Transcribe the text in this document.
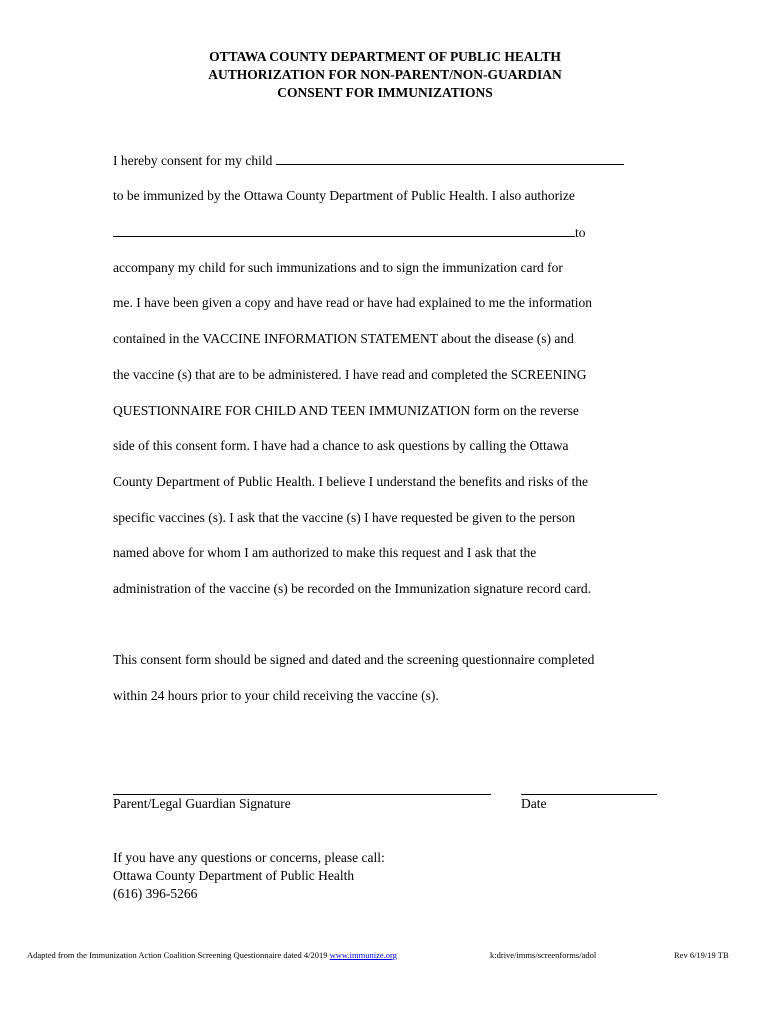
OTTAWA COUNTY DEPARTMENT OF PUBLIC HEALTH
AUTHORIZATION FOR NON-PARENT/NON-GUARDIAN
CONSENT FOR IMMUNIZATIONS
I hereby consent for my child
to be immunized by the Ottawa County Department of Public Health. I also authorize
to
accompany my child for such immunizations and to sign the immunization card for
me. I have been given a copy and have read or have had explained to me the information
contained in the VACCINE INFORMATION STATEMENT about the disease (s) and
the vaccine (s) that are to be administered. I have read and completed the SCREENING
QUESTIONNAIRE FOR CHILD AND TEEN IMMUNIZATION form on the reverse
side of this consent form. I have had a chance to ask questions by calling the Ottawa
County Department of Public Health. I believe I understand the benefits and risks of the
specific vaccines (s). I ask that the vaccine (s) I have requested be given to the person
named above for whom I am authorized to make this request and I ask that the
administration of the vaccine (s) be recorded on the Immunization signature record card.
This consent form should be signed and dated and the screening questionnaire completed
within 24 hours prior to your child receiving the vaccine (s).
Parent/Legal Guardian Signature	Date
If you have any questions or concerns, please call:
Ottawa County Department of Public Health
(616) 396-5266
Adapted from the Immunization Action Coalition Screening Questionnaire dated 4/2019 www.immunize.org	k:drive/imms/screenforms/adol	Rev 6/19/19 TB
